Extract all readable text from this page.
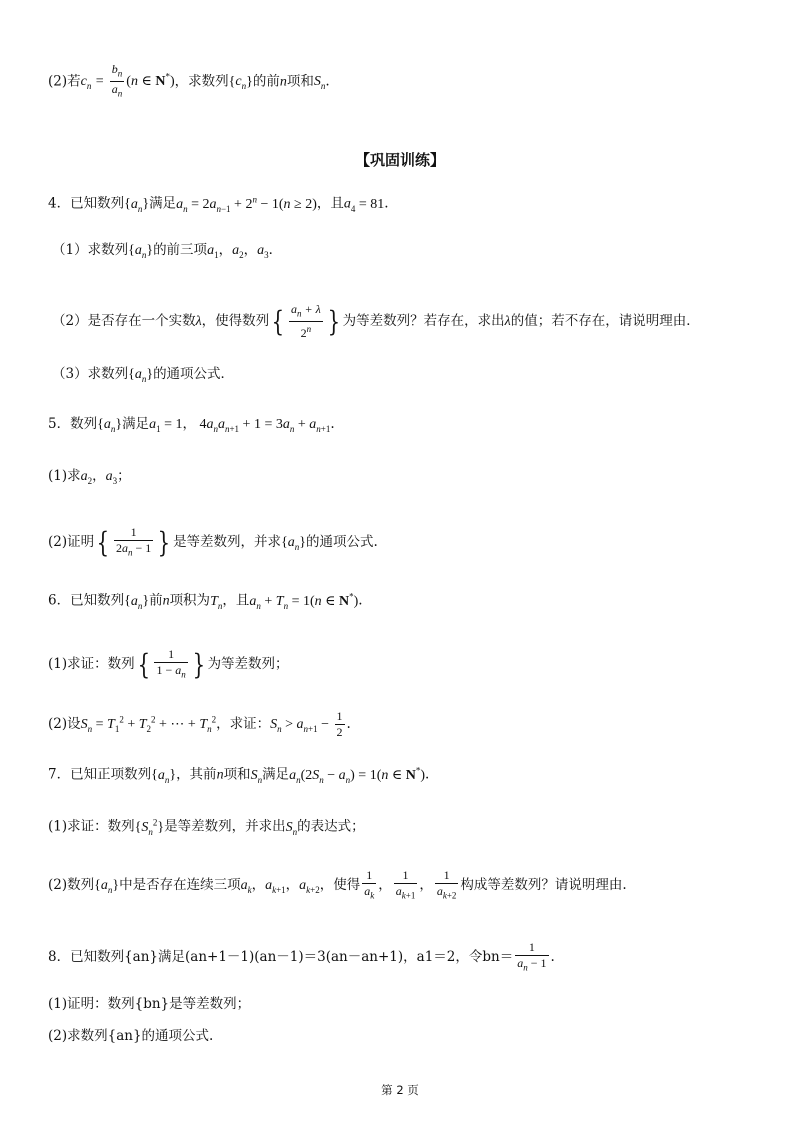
(2)若$c_n = \frac{b_n}{a_n} (n$ ∈ N*)，求数列$\{c_n\}$的前n项和$S_n$.
【巩固训练】
4．已知数列$\{a_n\}$满足$a_n = 2a_{n-1} + 2^n - 1(n \ge 2)$，且$a_4 = 81$.
（1）求数列$\{a_n\}$的前三项$a_1$，$a_2$，$a_3$．
（2）是否存在一个实数λ，使得数列{ $\frac{a_n + \lambda}{2^n}$ } 为等差数列？若存在，求出λ的值；若不存在，请说明理由．
（3）求数列$\{a_n\}$的通项公式．
5．数列$\{a_n\}$满足$a_1 = 1$， $4a_na_{n+1} + 1 = 3a_n + a_{n+1}$.
(1)求$a_2$，$a_3$；
(2)证明{ $\frac{1}{2a_n - 1}$ } 是等差数列，并求$\{a_n\}$的通项公式.
6．已知数列$\{a_n\}$前n项积为$T_n$，且$a_n + T_n = 1(n$ ∈ N*).
(1)求证：数列{ $\frac{1}{1 - a_n}$ } 为等差数列；
(2)设$S_n = T_1^2 + T_2^2$ + ⋯ + $T_n^2$，求证：$S_n > a_{n+1} - \frac{1}{2}$ .
7．已知正项数列$\{a_n\}$，其前n项和$S_n$满足$a_n(2S_n - a_n) = 1(n$ ∈ N*).
(1)求证：数列$\{S_n^2\}$是等差数列，并求出$S_n$的表达式；
(2)数列$\{a_n\}$中是否存在连续三项$a_k$，$a_{k+1}$，$a_{k+2}$，使得 $\frac{1}{a_k}$ ， $\frac{1}{a_{k+1}}$ ， $\frac{1}{a_{k+2}}$ 构成等差数列？请说明理由.
8．已知数列{an}满足(an+1－1)(an－1)＝3(an－an+1)，a1＝2，令$bn= \frac{1}{a_n - 1}$ .
(1)证明：数列{bn}是等差数列；
(2)求数列{an}的通项公式.
第 2 页
